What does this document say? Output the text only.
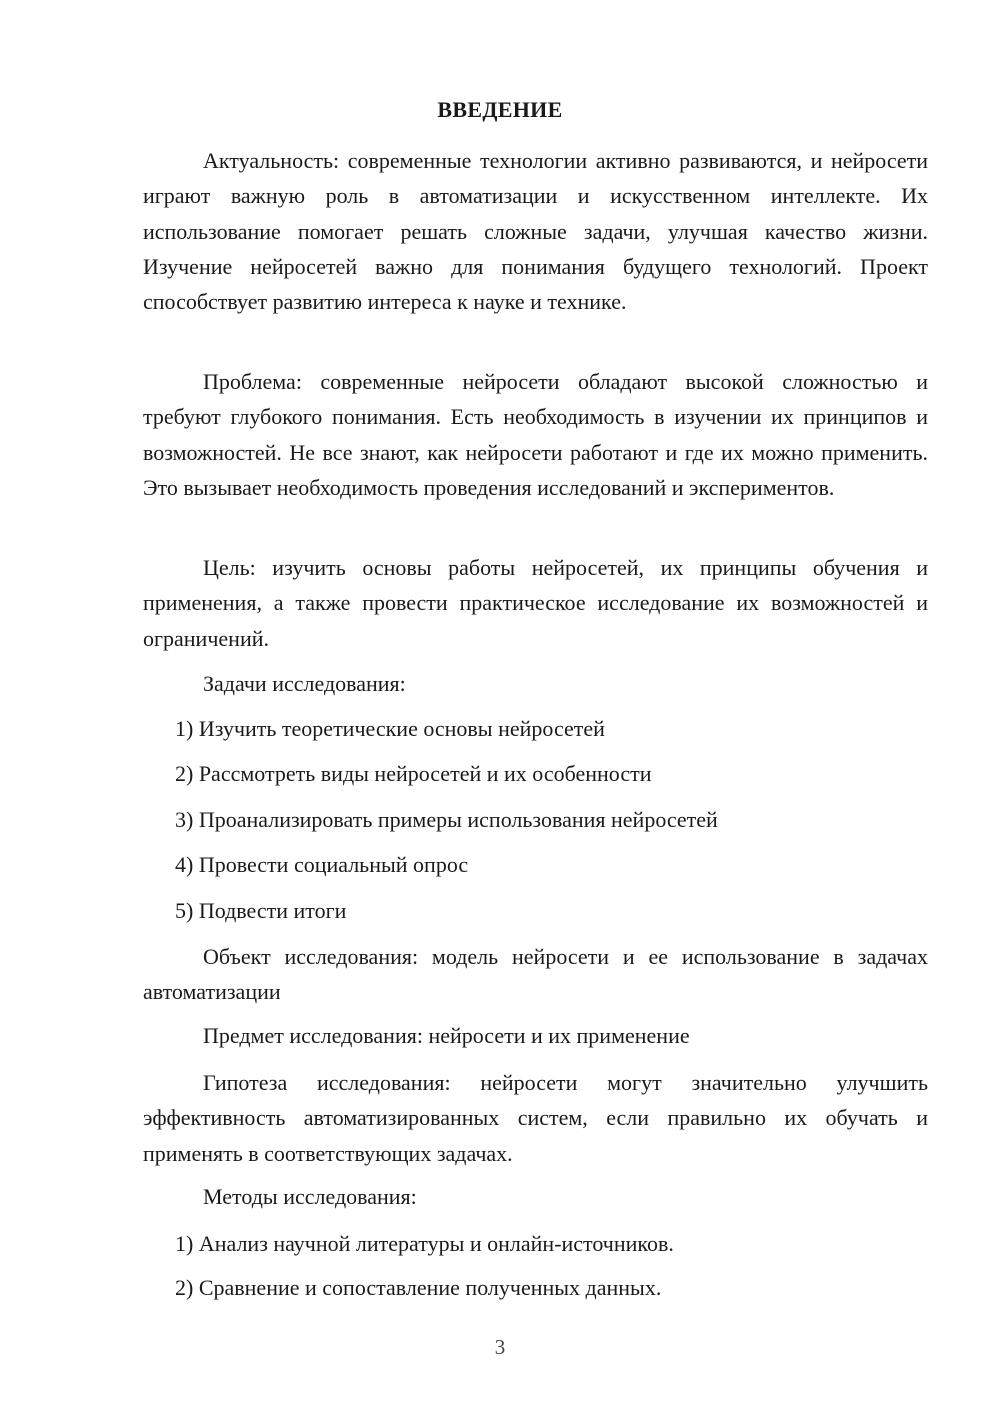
ВВЕДЕНИЕ

Актуальность: современные технологии активно развиваются, и нейросети играют важную роль в автоматизации и искусственном интеллекте. Их использование помогает решать сложные задачи, улучшая качество жизни. Изучение нейросетей важно для понимания будущего технологий. Проект способствует развитию интереса к науке и технике.

Проблема: современные нейросети обладают высокой сложностью и требуют глубокого понимания. Есть необходимость в изучении их принципов и возможностей. Не все знают, как нейросети работают и где их можно применить. Это вызывает необходимость проведения исследований и экспериментов.

Цель: изучить основы работы нейросетей, их принципы обучения и применения, а также провести практическое исследование их возможностей и ограничений.

Задачи исследования:

1) Изучить теоретические основы нейросетей

2) Рассмотреть виды нейросетей и их особенности

3) Проанализировать примеры использования нейросетей

4) Провести социальный опрос

5) Подвести итоги

Объект исследования: модель нейросети и ее использование в задачах автоматизации

Предмет исследования: нейросети и их применение

Гипотеза исследования: нейросети могут значительно улучшить эффективность автоматизированных систем, если правильно их обучать и применять в соответствующих задачах.

Методы исследования:

1) Анализ научной литературы и онлайн-источников.

2) Сравнение и сопоставление полученных данных.

3
